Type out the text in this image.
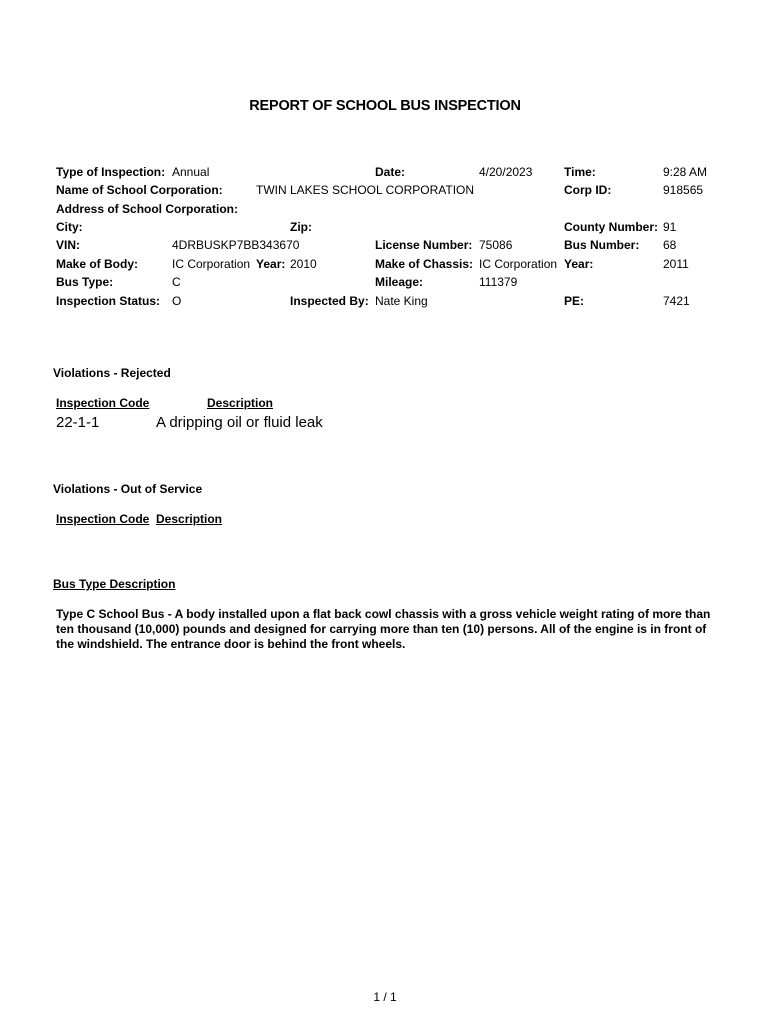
REPORT OF SCHOOL BUS INSPECTION
Type of Inspection: Annual	Date:	4/20/2023	Time:	9:28 AM
Name of School Corporation:	TWIN LAKES SCHOOL CORPORATION	Corp ID:	918565
Address of School Corporation:
City:	Zip:	County Number: 91
VIN:	4DRBUSKP7BB343670	License Number: 75086	Bus Number: 68
Make of Body:	IC Corporation Year: 2010	Make of Chassis: IC Corporation Year:	2011
Bus Type:	C	Mileage:	111379
Inspection Status: O	Inspected By: Nate King	PE:	7421
Violations - Rejected
Inspection Code	Description
22-1-1	A dripping oil or fluid leak
Violations - Out of Service
Inspection Code Description
Bus Type Description
Type C School Bus - A body installed upon a flat back cowl chassis with a gross vehicle weight rating of more than ten thousand (10,000) pounds and designed for carrying more than ten (10) persons. All of the engine is in front of the windshield. The entrance door is behind the front wheels.
1 / 1
